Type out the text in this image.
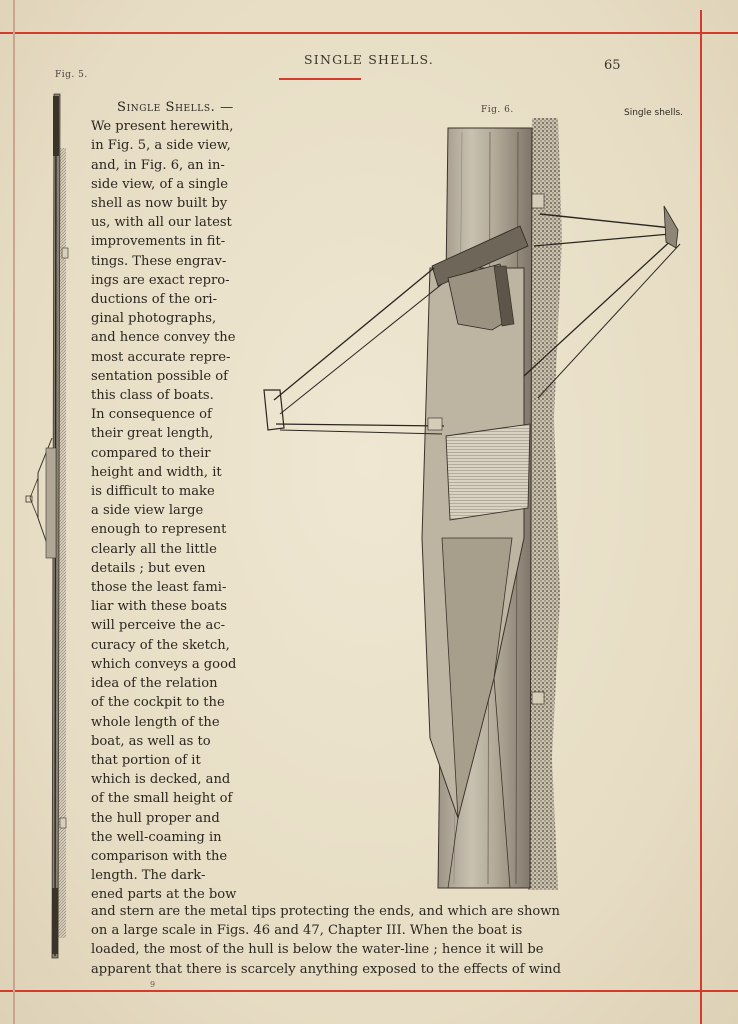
SINGLE SHELLS.	65
Fig. 5.
Fig. 6.	Single shells.
Single Shells. —
We present herewith,
in Fig. 5, a side view,
and, in Fig. 6, an in-
side view, of a single
shell as now built by
us, with all our latest
improvements in fit-
tings. These engrav-
ings are exact repro-
ductions of the ori-
ginal photographs,
and hence convey the
most accurate repre-
sentation possible of
this class of boats.
In consequence of
their great length,
compared to their
height and width, it
is difficult to make
a side view large
enough to represent
clearly all the little
details ; but even
those the least fami-
liar with these boats
will perceive the ac-
curacy of the sketch,
which conveys a good
idea of the relation
of the cockpit to the
whole length of the
boat, as well as to
that portion of it
which is decked, and
of the small height of
the hull proper and
the well-coaming in
comparison with the
length. The dark-
ened parts at the bow
and stern are the metal tips protecting the ends, and which are shown
on a large scale in Figs. 46 and 47, Chapter III. When the boat is
loaded, the most of the hull is below the water-line ; hence it will be
apparent that there is scarcely anything exposed to the effects of wind
9
